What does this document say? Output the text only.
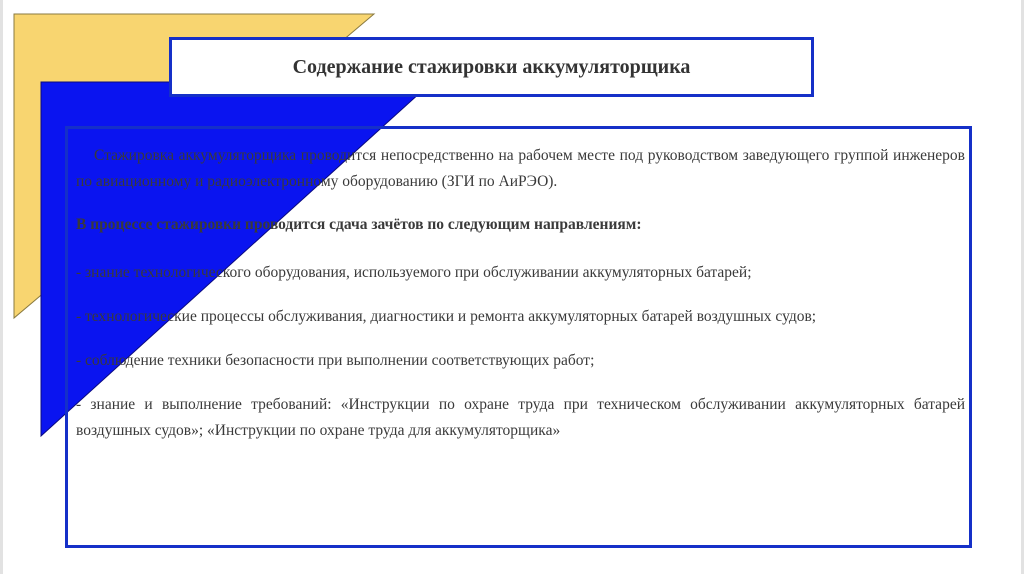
Содержание стажировки аккумуляторщика

Стажировка аккумуляторщика проводится непосредственно на рабочем месте под руководством заведующего группой инженеров по авиационному и радиоэлектронному оборудованию (ЗГИ по АиРЭО).

В процессе стажировки проводится сдача зачётов по следующим направлениям:

- знание технологического оборудования, используемого при обслуживании аккумуляторных батарей;

- технологические процессы обслуживания, диагностики и ремонта аккумуляторных батарей воздушных судов;

- соблюдение техники безопасности при выполнении соответствующих работ;

- знание и выполнение требований: «Инструкции по охране труда при техническом обслуживании аккумуляторных батарей воздушных судов»; «Инструкции по охране труда для аккумуляторщика»
